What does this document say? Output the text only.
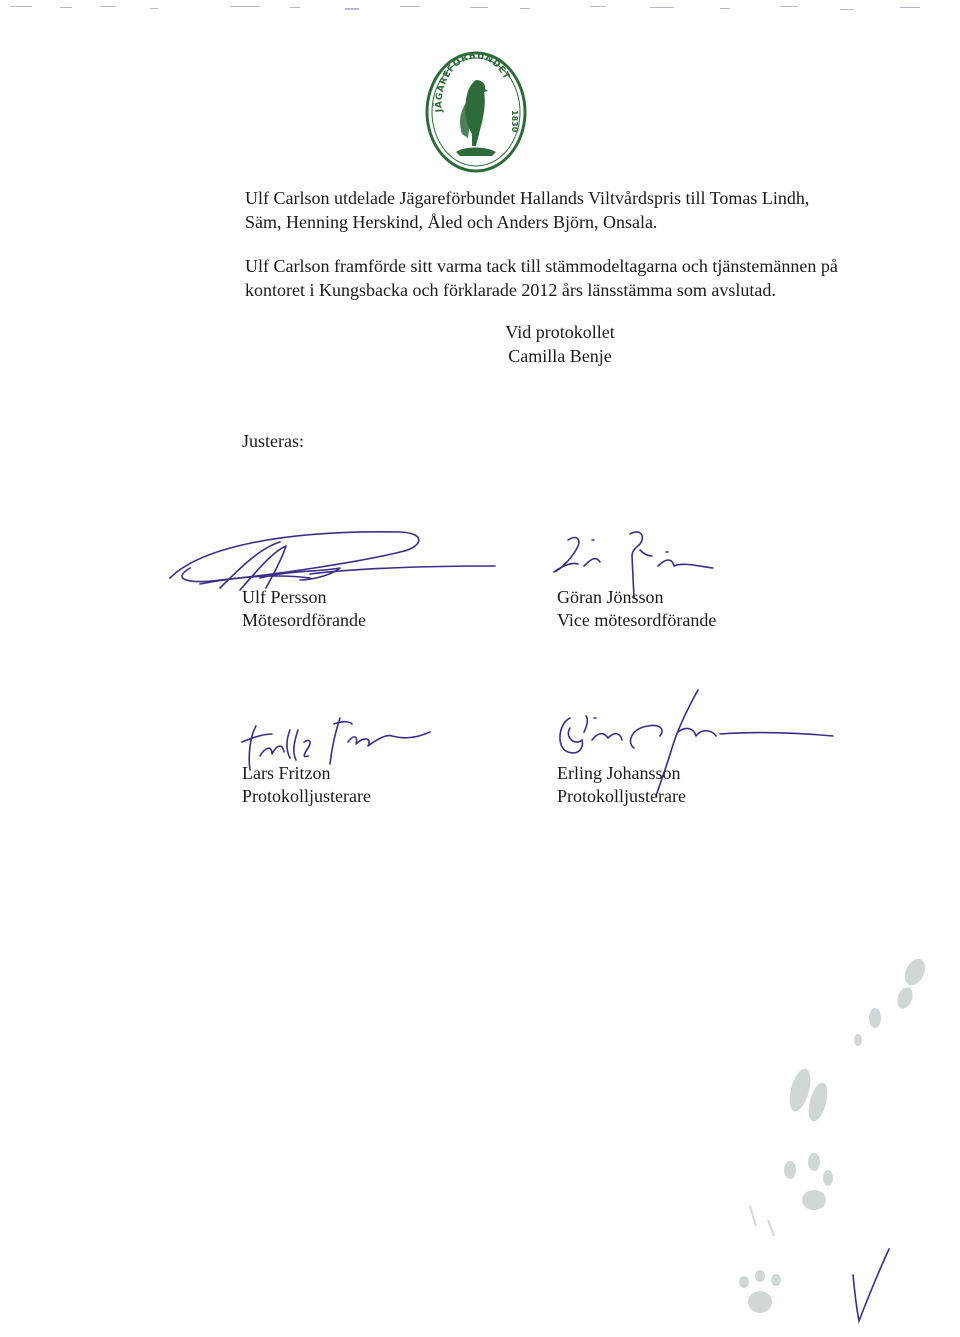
JÄGAREFÖRBUNDET
1830

Ulf Carlson utdelade Jägareförbundet Hallands Viltvårdspris till Tomas Lindh,
Säm, Henning Herskind, Åled och Anders Björn, Onsala.

Ulf Carlson framförde sitt varma tack till stämmodeltagarna och tjänstemännen på
kontoret i Kungsbacka och förklarade 2012 års länsstämma som avslutad.

Vid protokollet
Camilla Benje
Justeras:
Ulf Persson
Mötesordförande
Göran Jönsson
Vice mötesordförande
Lars Fritzon
Protokolljusterare
Erling Johansson
Protokolljusterare
